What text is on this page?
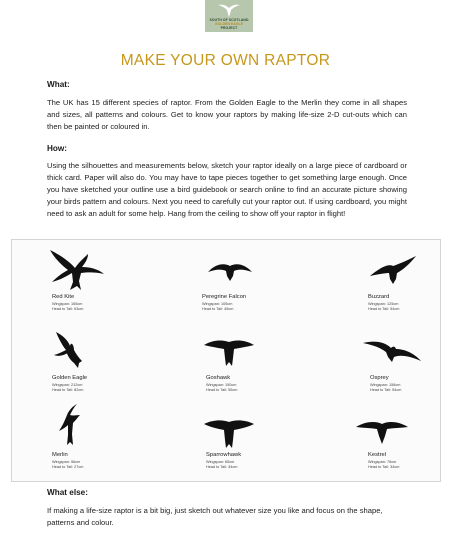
SOUTH OF SCOTLAND
GOLDEN EAGLE
PROJECT
MAKE YOUR OWN RAPTOR
What:
The UK has 15 different species of raptor. From the Golden Eagle to the Merlin they come in all shapes and sizes, all patterns and colours. Get to know your raptors by making life-size 2-D cut-outs which can then be painted or coloured in.
How:
Using the silhouettes and measurements below, sketch your raptor ideally on a large piece of cardboard or thick card. Paper will also do. You may have to tape pieces together to get something large enough. Once you have sketched your outline use a bird guidebook or search online to find an accurate picture showing your birds pattern and colours. Next you need to carefully cut your raptor out. If using cardboard, you might need to ask an adult for some help. Hang from the ceiling to show off your raptor in flight!
Red Kite
Wingspan: 165cm
Head to Tail: 63cm
Peregrine Falcon
Wingspan: 105cm
Head to Tail: 45cm
Buzzard
Wingspan: 125cm
Head to Tail: 54cm
Golden Eagle
Wingspan: 212cm
Head to Tail: 82cm
Goshawk
Wingspan: 150cm
Head to Tail: 55cm
Osprey
Wingspan: 158cm
Head to Tail: 54cm
Merlin
Wingspan: 56cm
Head to Tail: 27cm
Sparrowhawk
Wingspan: 65cm
Head to Tail: 34cm
Kestrel
Wingspan: 76cm
Head to Tail: 34cm
What else:
If making a life-size raptor is a bit big, just sketch out whatever size you like and focus on the shape, patterns and colour.
